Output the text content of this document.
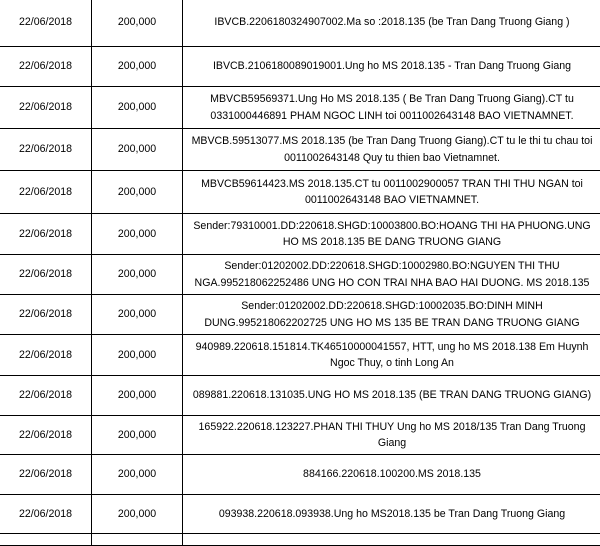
22/06/2018	200,000	IBVCB.2206180324907002.Ma so :2018.135 (be Tran Dang Truong Giang )
22/06/2018	200,000	IBVCB.2106180089019001.Ung ho MS 2018.135 - Tran Dang Truong Giang
22/06/2018	200,000	MBVCB59569371.Ung Ho MS 2018.135 ( Be Tran Dang Truong Giang).CT tu 0331000446891 PHAM NGOC LINH toi 0011002643148 BAO VIETNAMNET.
22/06/2018	200,000	MBVCB.59513077.MS 2018.135 (be Tran Dang Truong Giang).CT tu le thi tu chau toi 0011002643148 Quy tu thien bao Vietnamnet.
22/06/2018	200,000	MBVCB59614423.MS 2018.135.CT tu 0011002900057 TRAN THI THU NGAN toi 0011002643148 BAO VIETNAMNET.
22/06/2018	200,000	Sender:79310001.DD:220618.SHGD:10003800.BO:HOANG THI HA PHUONG.UNG HO MS 2018.135 BE DANG TRUONG GIANG
22/06/2018	200,000	Sender:01202002.DD:220618.SHGD:10002980.BO:NGUYEN THI THU NGA.995218062252486 UNG HO CON TRAI NHA BAO HAI DUONG. MS 2018.135
22/06/2018	200,000	Sender:01202002.DD:220618.SHGD:10002035.BO:DINH MINH DUNG.995218062202725 UNG HO MS 135 BE TRAN DANG TRUONG GIANG
22/06/2018	200,000	940989.220618.151814.TK46510000041557, HTT, ung ho MS 2018.138 Em Huynh Ngoc Thuy, o tinh Long An
22/06/2018	200,000	089881.220618.131035.UNG HO MS 2018.135 (BE TRAN DANG TRUONG GIANG)
22/06/2018	200,000	165922.220618.123227.PHAN THI THUY Ung ho MS 2018/135 Tran Dang Truong Giang
22/06/2018	200,000	884166.220618.100200.MS 2018.135
22/06/2018	200,000	093938.220618.093938.Ung ho MS2018.135 be Tran Dang Truong Giang
